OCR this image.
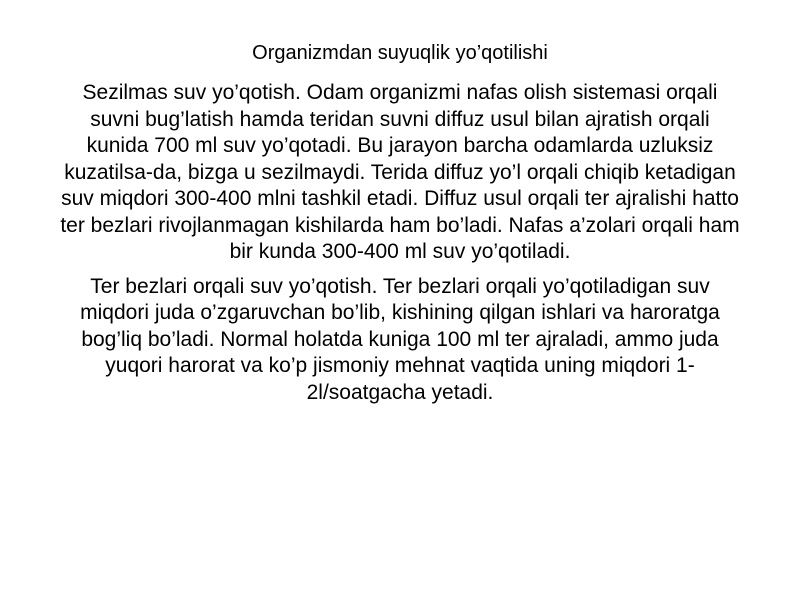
Organizmdan suyuqlik yo’qotilishi

Sezilmas suv yo’qotish. Odam organizmi nafas olish sistemasi orqali suvni bug’latish hamda teridan suvni diffuz usul bilan ajratish orqali kunida 700 ml suv yo’qotadi. Bu jarayon barcha odamlarda uzluksiz kuzatilsa-da, bizga u sezilmaydi. Terida diffuz yo’l orqali chiqib ketadigan suv miqdori 300-400 mlni tashkil etadi. Diffuz usul orqali ter ajralishi hatto ter bezlari rivojlanmagan kishilarda ham bo’ladi. Nafas a’zolari orqali ham bir kunda 300-400 ml suv yo’qotiladi.

Ter bezlari orqali suv yo’qotish. Ter bezlari orqali yo’qotiladigan suv miqdori juda o’zgaruvchan bo’lib, kishining qilgan ishlari va haroratga bog’liq bo’ladi. Normal holatda kuniga 100 ml ter ajraladi, ammo juda yuqori harorat va ko’p jismoniy mehnat vaqtida uning miqdori 1-2l/soatgacha yetadi.
